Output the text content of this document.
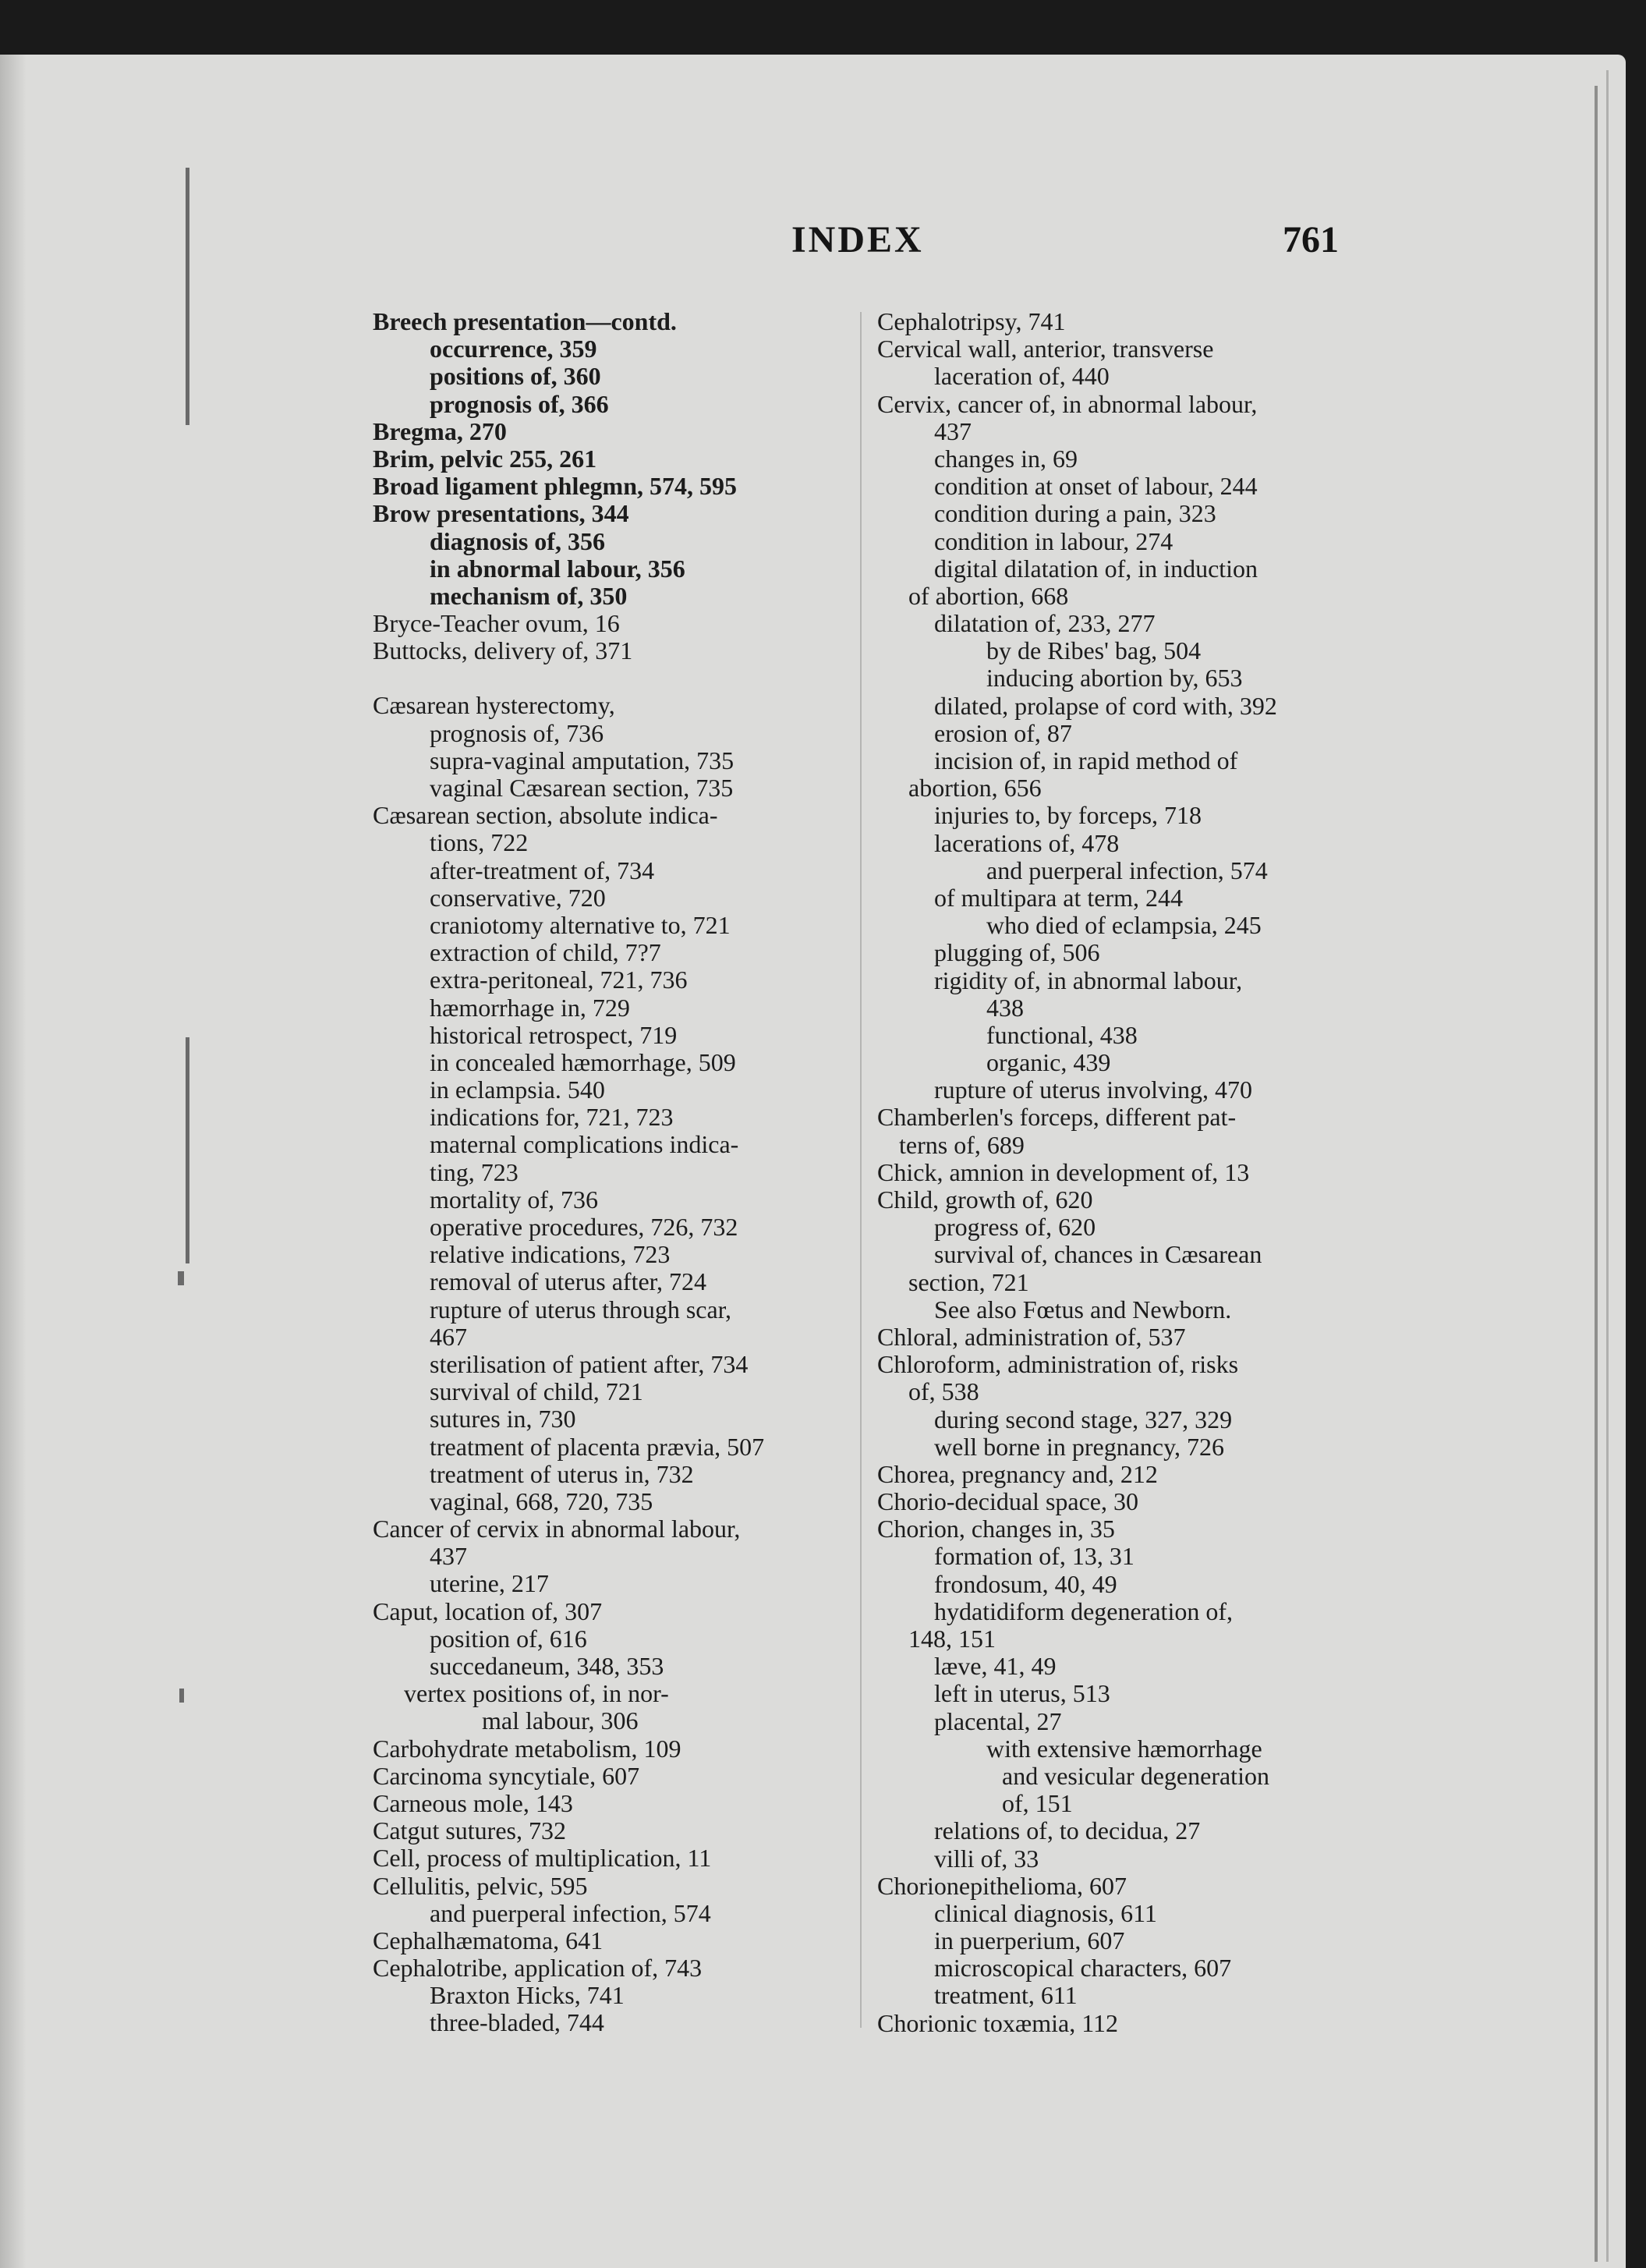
INDEX	761
Breech presentation—contd.
occurrence, 359
positions of, 360
prognosis of, 366
Bregma, 270
Brim, pelvic 255, 261
Broad ligament phlegmn, 574, 595
Brow presentations, 344
diagnosis of, 356
in abnormal labour, 356
mechanism of, 350
Bryce-Teacher ovum, 16
Buttocks, delivery of, 371
Cæsarean hysterectomy,
prognosis of, 736
supra-vaginal amputation, 735
vaginal Cæsarean section, 735
Cæsarean section, absolute indica-
tions, 722
after-treatment of, 734
conservative, 720
craniotomy alternative to, 721
extraction of child, 7?7
extra-peritoneal, 721, 736
hæmorrhage in, 729
historical retrospect, 719
in concealed hæmorrhage, 509
in eclampsia. 540
indications for, 721, 723
maternal complications indica-
ting, 723
mortality of, 736
operative procedures, 726, 732
relative indications, 723
removal of uterus after, 724
rupture of uterus through scar,
467
sterilisation of patient after, 734
survival of child, 721
sutures in, 730
treatment of placenta prævia, 507
treatment of uterus in, 732
vaginal, 668, 720, 735
Cancer of cervix in abnormal labour,
437
uterine, 217
Caput, location of, 307
position of, 616
succedaneum, 348, 353
vertex positions of, in nor-
mal labour, 306
Carbohydrate metabolism, 109
Carcinoma syncytiale, 607
Carneous mole, 143
Catgut sutures, 732
Cell, process of multiplication, 11
Cellulitis, pelvic, 595
and puerperal infection, 574
Cephalhæmatoma, 641
Cephalotribe, application of, 743
Braxton Hicks, 741
three-bladed, 744
Cephalotripsy, 741
Cervical wall, anterior, transverse
laceration of, 440
Cervix, cancer of, in abnormal labour,
437
changes in, 69
condition at onset of labour, 244
condition during a pain, 323
condition in labour, 274
digital dilatation of, in induction
of abortion, 668
dilatation of, 233, 277
by de Ribes' bag, 504
inducing abortion by, 653
dilated, prolapse of cord with, 392
erosion of, 87
incision of, in rapid method of
abortion, 656
injuries to, by forceps, 718
lacerations of, 478
and puerperal infection, 574
of multipara at term, 244
who died of eclampsia, 245
plugging of, 506
rigidity of, in abnormal labour,
438
functional, 438
organic, 439
rupture of uterus involving, 470
Chamberlen's forceps, different pat-
terns of, 689
Chick, amnion in development of, 13
Child, growth of, 620
progress of, 620
survival of, chances in Cæsarean
section, 721
See also Fœtus and Newborn.
Chloral, administration of, 537
Chloroform, administration of, risks
of, 538
during second stage, 327, 329
well borne in pregnancy, 726
Chorea, pregnancy and, 212
Chorio-decidual space, 30
Chorion, changes in, 35
formation of, 13, 31
frondosum, 40, 49
hydatidiform degeneration of,
148, 151
læve, 41, 49
left in uterus, 513
placental, 27
with extensive hæmorrhage
and vesicular degeneration
of, 151
relations of, to decidua, 27
villi of, 33
Chorionepithelioma, 607
clinical diagnosis, 611
in puerperium, 607
microscopical characters, 607
treatment, 611
Chorionic toxæmia, 112
